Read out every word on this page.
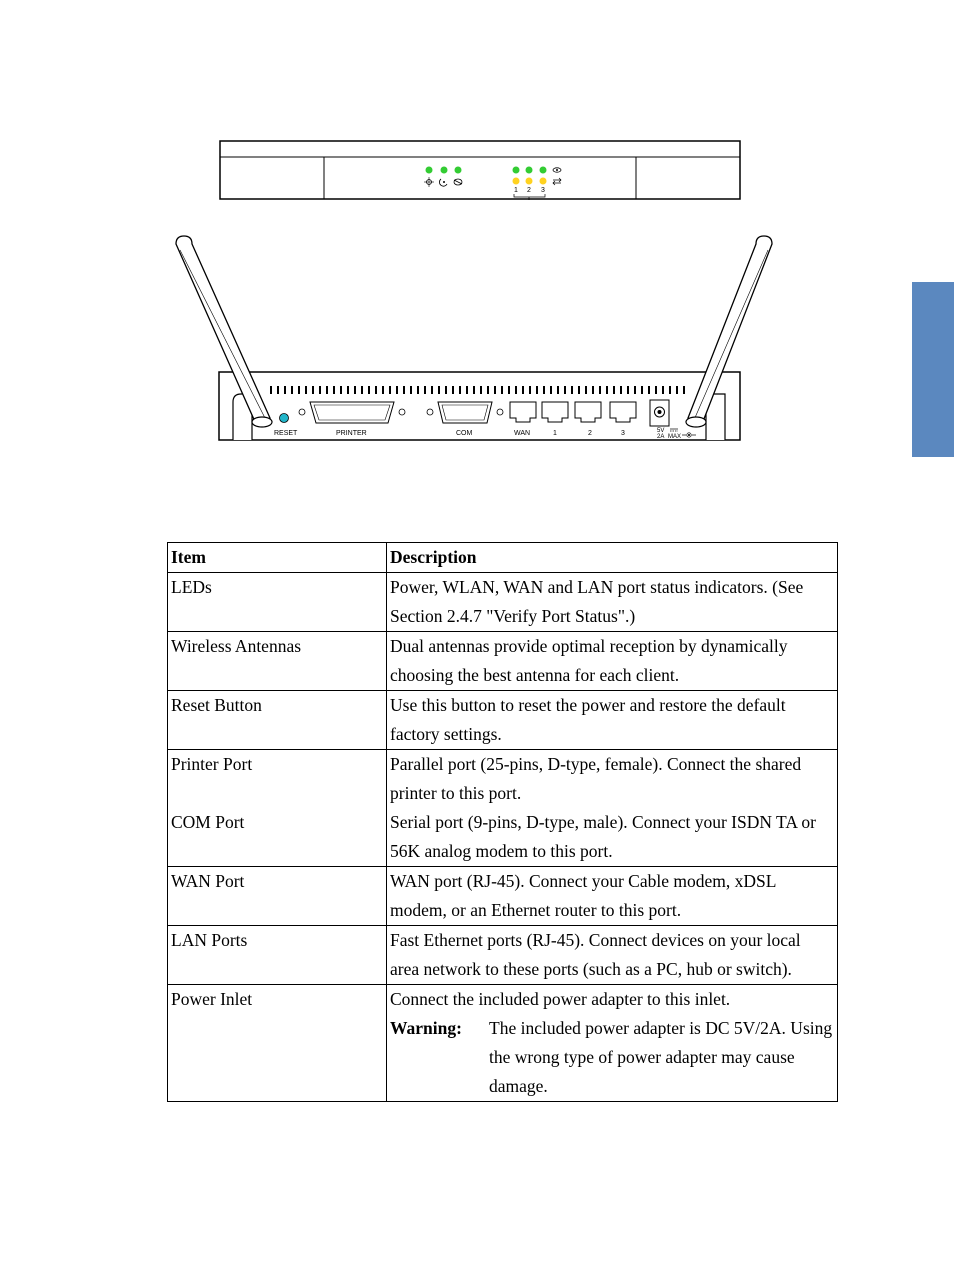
1 2 3
RESET	PRINTER	COM	WAN	1	2	3	5V
2A MAX
Item	Description
LEDs	Power, WLAN, WAN and LAN port status indicators. (See Section 2.4.7 "Verify Port Status".)
Wireless Antennas	Dual antennas provide optimal reception by dynamically choosing the best antenna for each client.
Reset Button	Use this button to reset the power and restore the default factory settings.
Printer Port	Parallel port (25-pins, D-type, female). Connect the shared printer to this port.
COM Port	Serial port (9-pins, D-type, male). Connect your ISDN TA or 56K analog modem to this port.
WAN Port	WAN port (RJ-45). Connect your Cable modem, xDSL modem, or an Ethernet router to this port.
LAN Ports	Fast Ethernet ports (RJ-45). Connect devices on your local area network to these ports (such as a PC, hub or switch).
Power Inlet	Connect the included power adapter to this inlet.
Warning: The included power adapter is DC 5V/2A. Using the wrong type of power adapter may cause damage.
